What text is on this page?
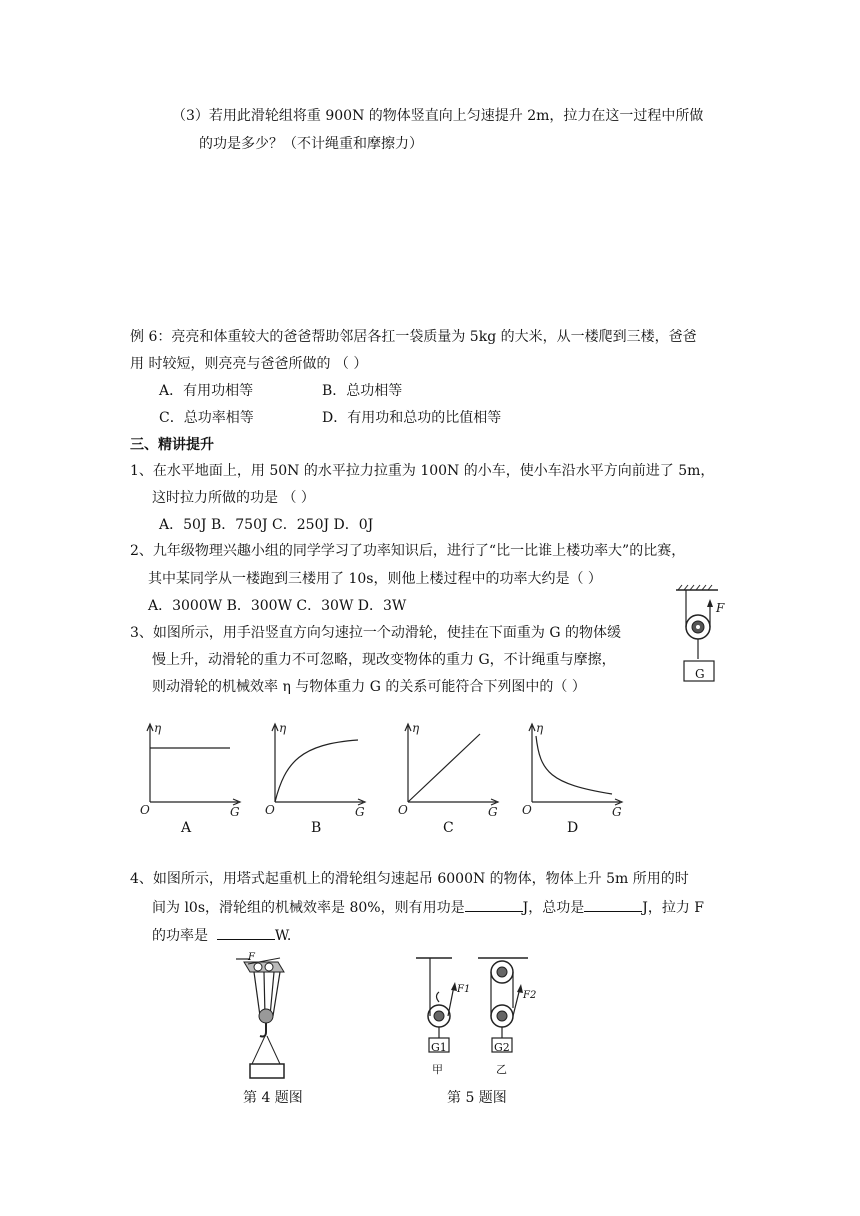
（3）若用此滑轮组将重 900N 的物体竖直向上匀速提升 2m，拉力在这一过程中所做
的功是多少？（不计绳重和摩擦力）
例 6：亮亮和体重较大的爸爸帮助邻居各扛一袋质量为 5kg 的大米，从一楼爬到三楼，爸爸
用 时较短，则亮亮与爸爸所做的 （ ）
A．有用功相等	B．总功相等
C．总功率相等	D．有用功和总功的比值相等
三、精讲提升
1、在水平地面上，用 50N 的水平拉力拉重为 100N 的小车，使小车沿水平方向前进了 5m，
这时拉力所做的功是 （ ）
A．50J B．750J C．250J D．0J
2、九年级物理兴趣小组的同学学习了功率知识后，进行了“比一比谁上楼功率大”的比赛，
其中某同学从一楼跑到三楼用了 10s，则他上楼过程中的功率大约是（ ）
A．3000W B．300W C．30W D．3W
3、如图所示，用手沿竖直方向匀速拉一个动滑轮，使挂在下面重为 G 的物体缓
慢上升，动滑轮的重力不可忽略，现改变物体的重力 G，不计绳重与摩擦，
则动滑轮的机械效率 η 与物体重力 G 的关系可能符合下列图中的（ ）
F
G
η
O	G
η
O	G
η
O	G
η
O	G
A	B	C	D
4、如图所示，用塔式起重机上的滑轮组匀速起吊 6000N 的物体，物体上升 5m 所用的时
间为 l0s，滑轮组的机械效率是 80%，则有用功是	J，总功是	J，拉力 F
的功率是	W.
F
第 4 题图
F1
F2
G1	G2
甲	乙
第 5 题图
